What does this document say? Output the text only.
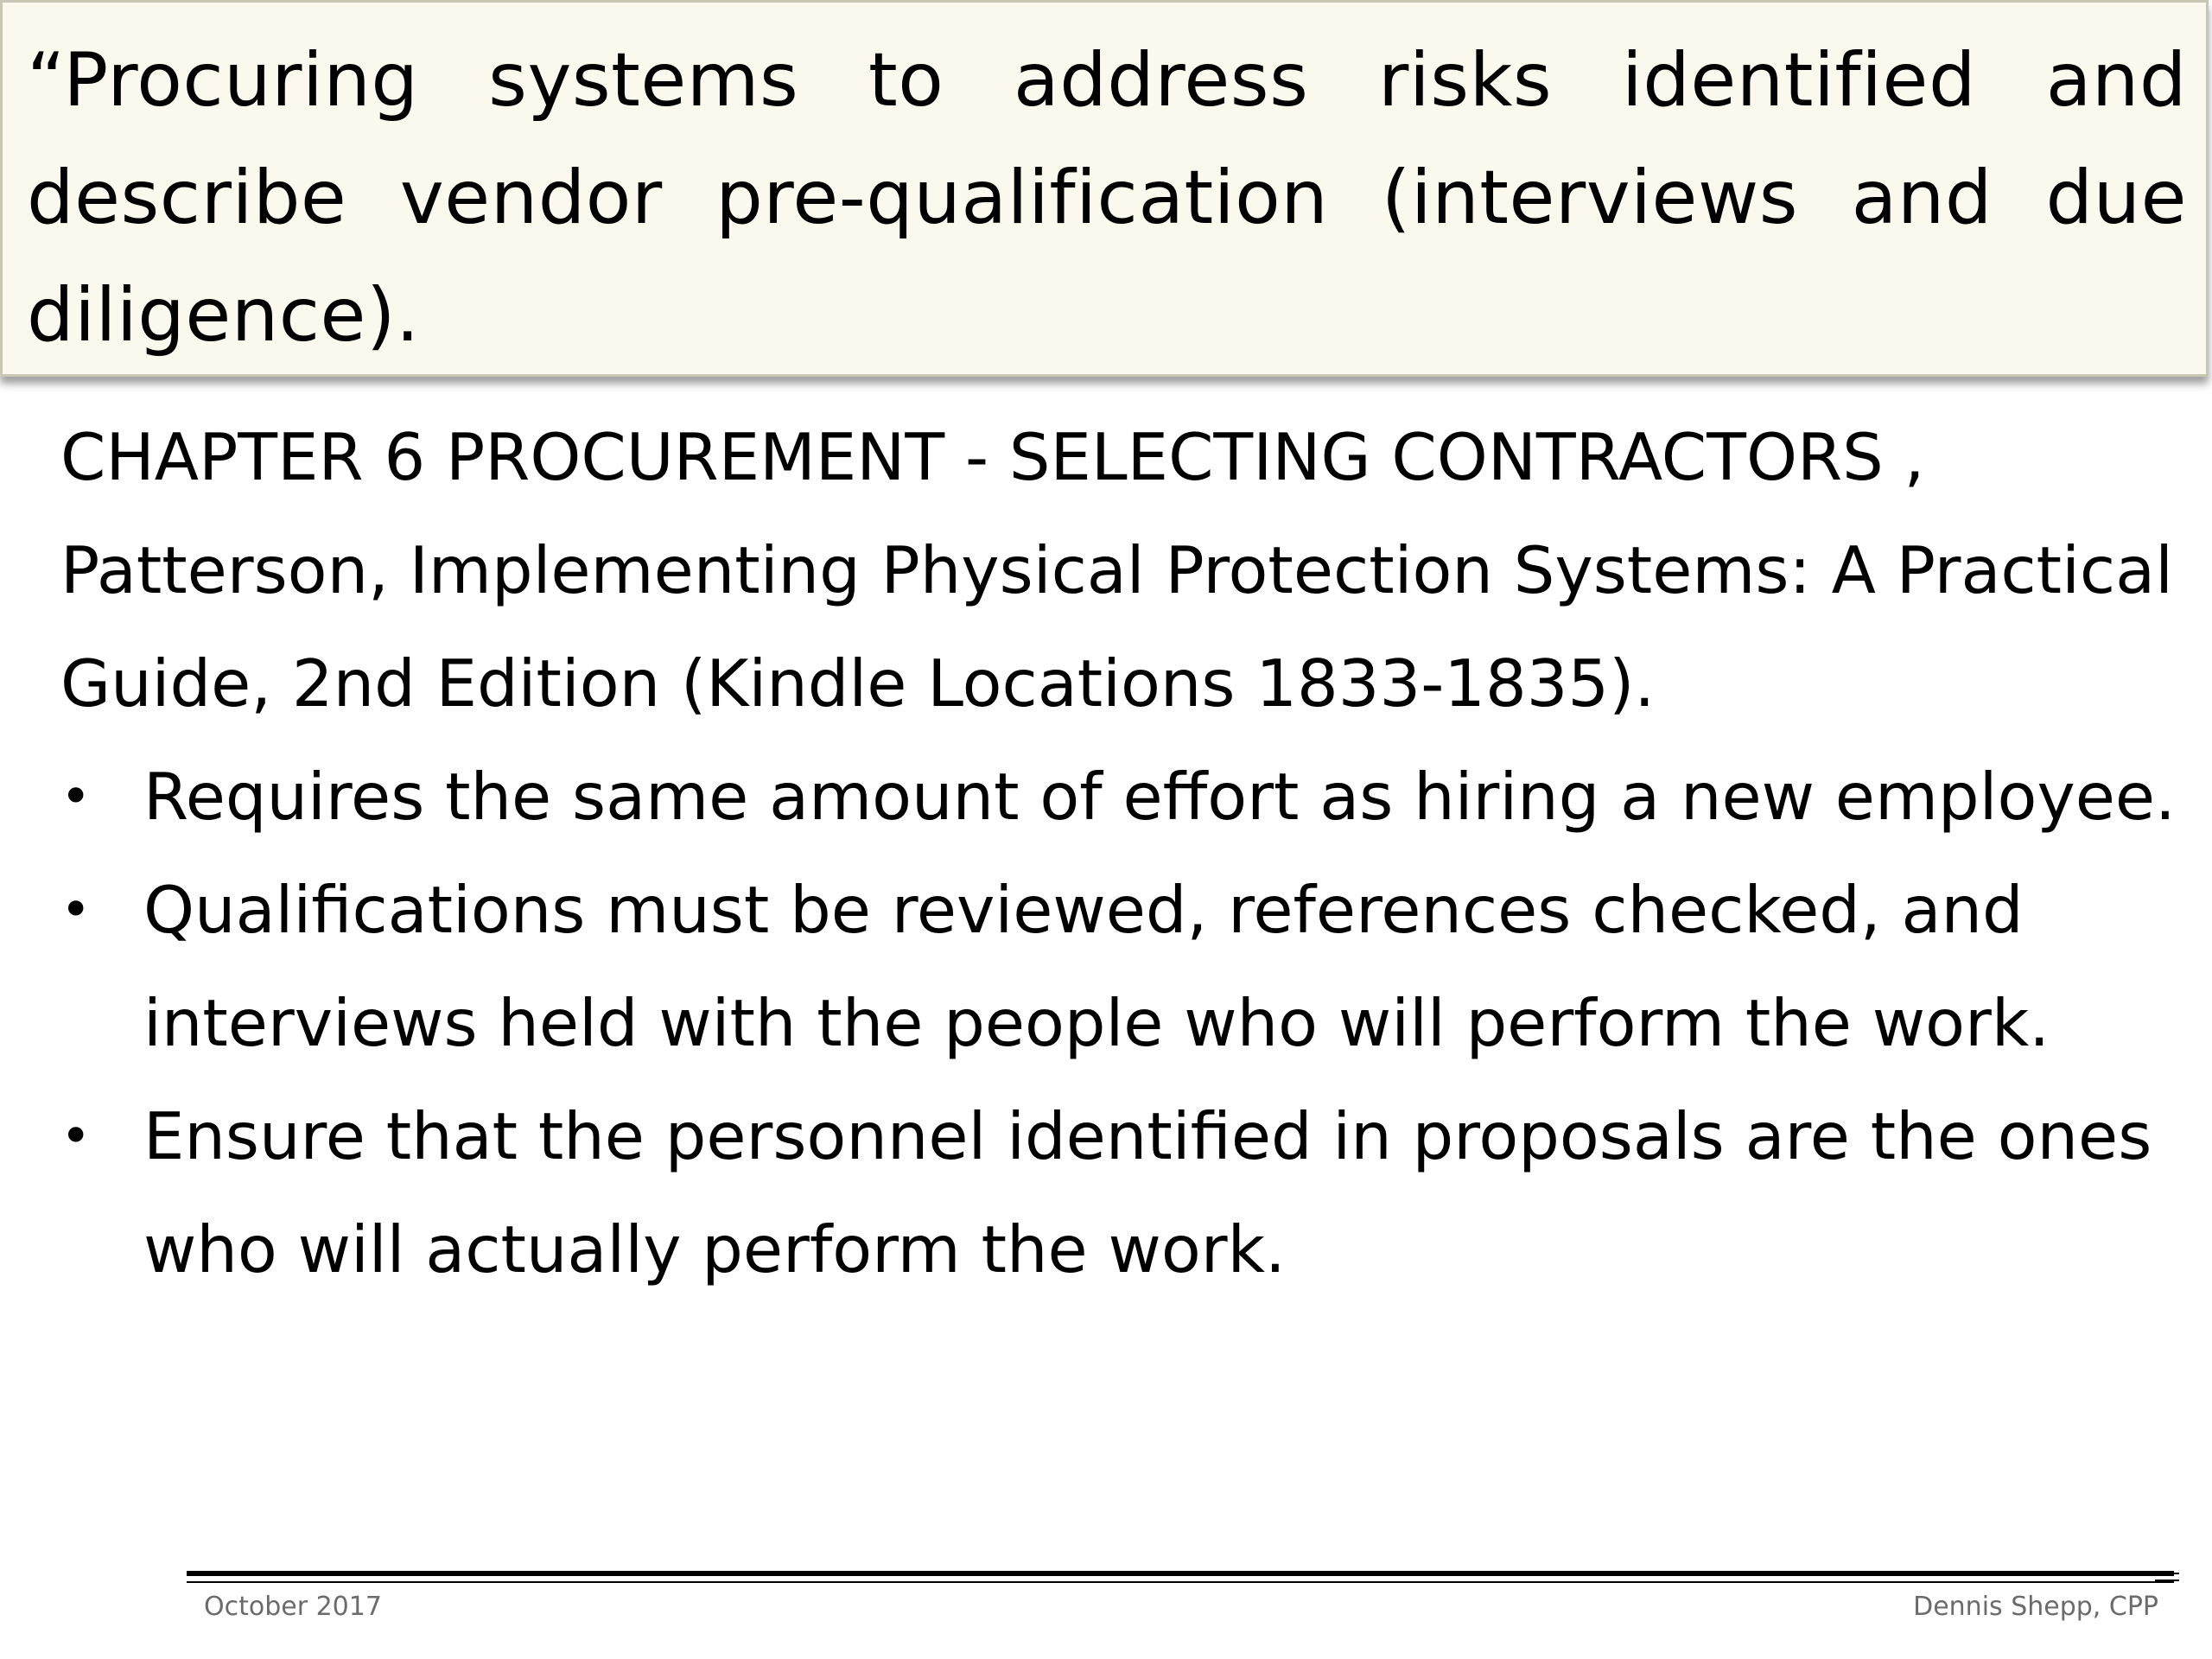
“Procuring systems to address risks identified and describe vendor pre-qualification (interviews and due diligence).

CHAPTER 6 PROCUREMENT - SELECTING CONTRACTORS , Patterson, Implementing Physical Protection Systems: A Practical Guide, 2nd Edition (Kindle Locations 1833-1835).

• Requires the same amount of effort as hiring a new employee.
• Qualifications must be reviewed, references checked, and interviews held with the people who will perform the work.
• Ensure that the personnel identified in proposals are the ones who will actually perform the work.
October 2017	Dennis Shepp, CPP
